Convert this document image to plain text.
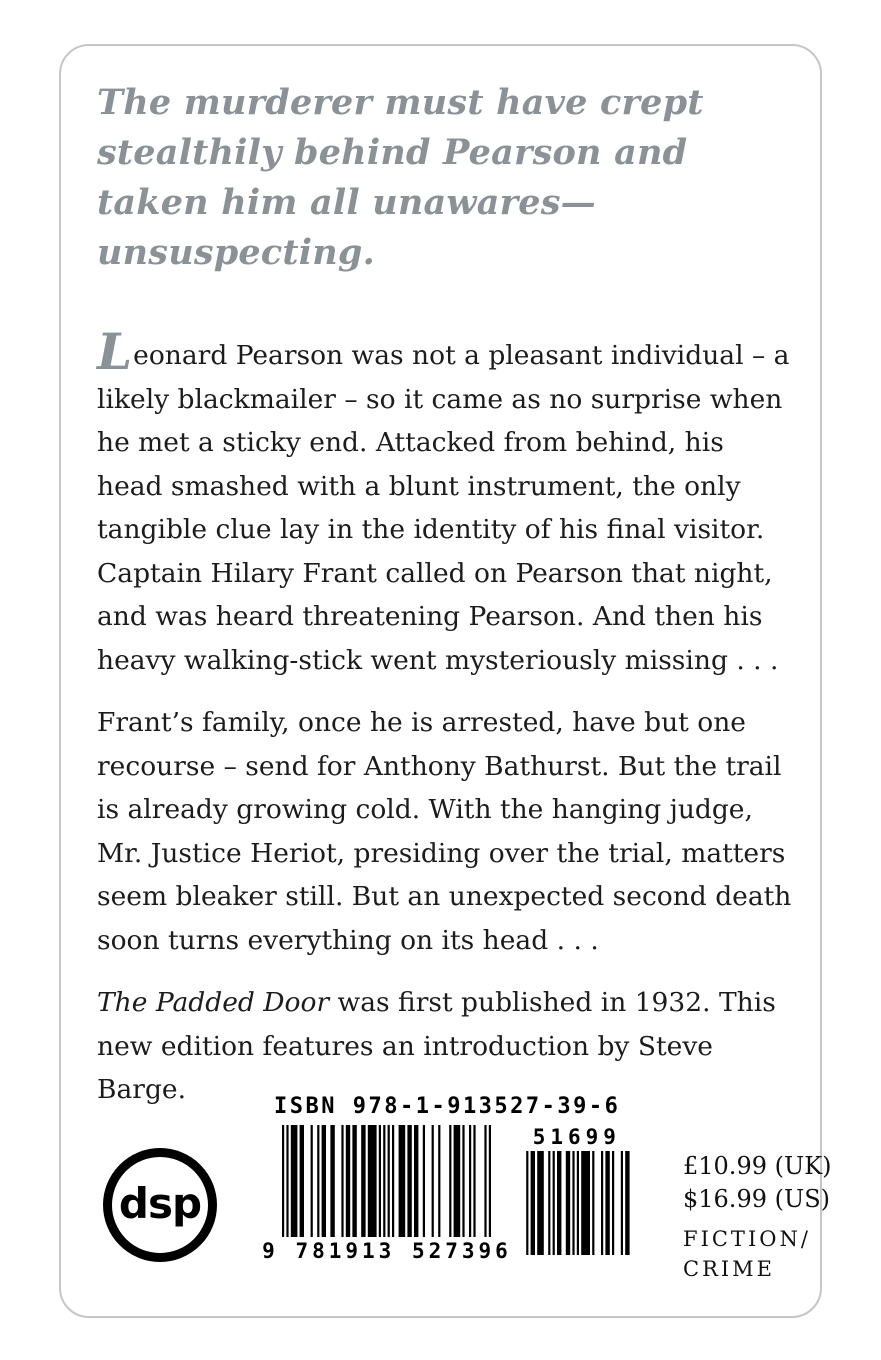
The murderer must have crept stealthily behind Pearson and taken him all unawares—unsuspecting.

Leonard Pearson was not a pleasant individual – a likely blackmailer – so it came as no surprise when he met a sticky end. Attacked from behind, his head smashed with a blunt instrument, the only tangible clue lay in the identity of his final visitor. Captain Hilary Frant called on Pearson that night, and was heard threatening Pearson. And then his heavy walking-stick went mysteriously missing . . .

Frant’s family, once he is arrested, have but one recourse – send for Anthony Bathurst. But the trail is already growing cold. With the hanging judge, Mr. Justice Heriot, presiding over the trial, matters seem bleaker still. But an unexpected second death soon turns everything on its head . . .

The Padded Door was first published in 1932. This new edition features an introduction by Steve Barge.

dsp
ISBN 978-1-913527-39-6
9 781913 527396
51699
£10.99 (UK)
$16.99 (US)
FICTION/
CRIME
